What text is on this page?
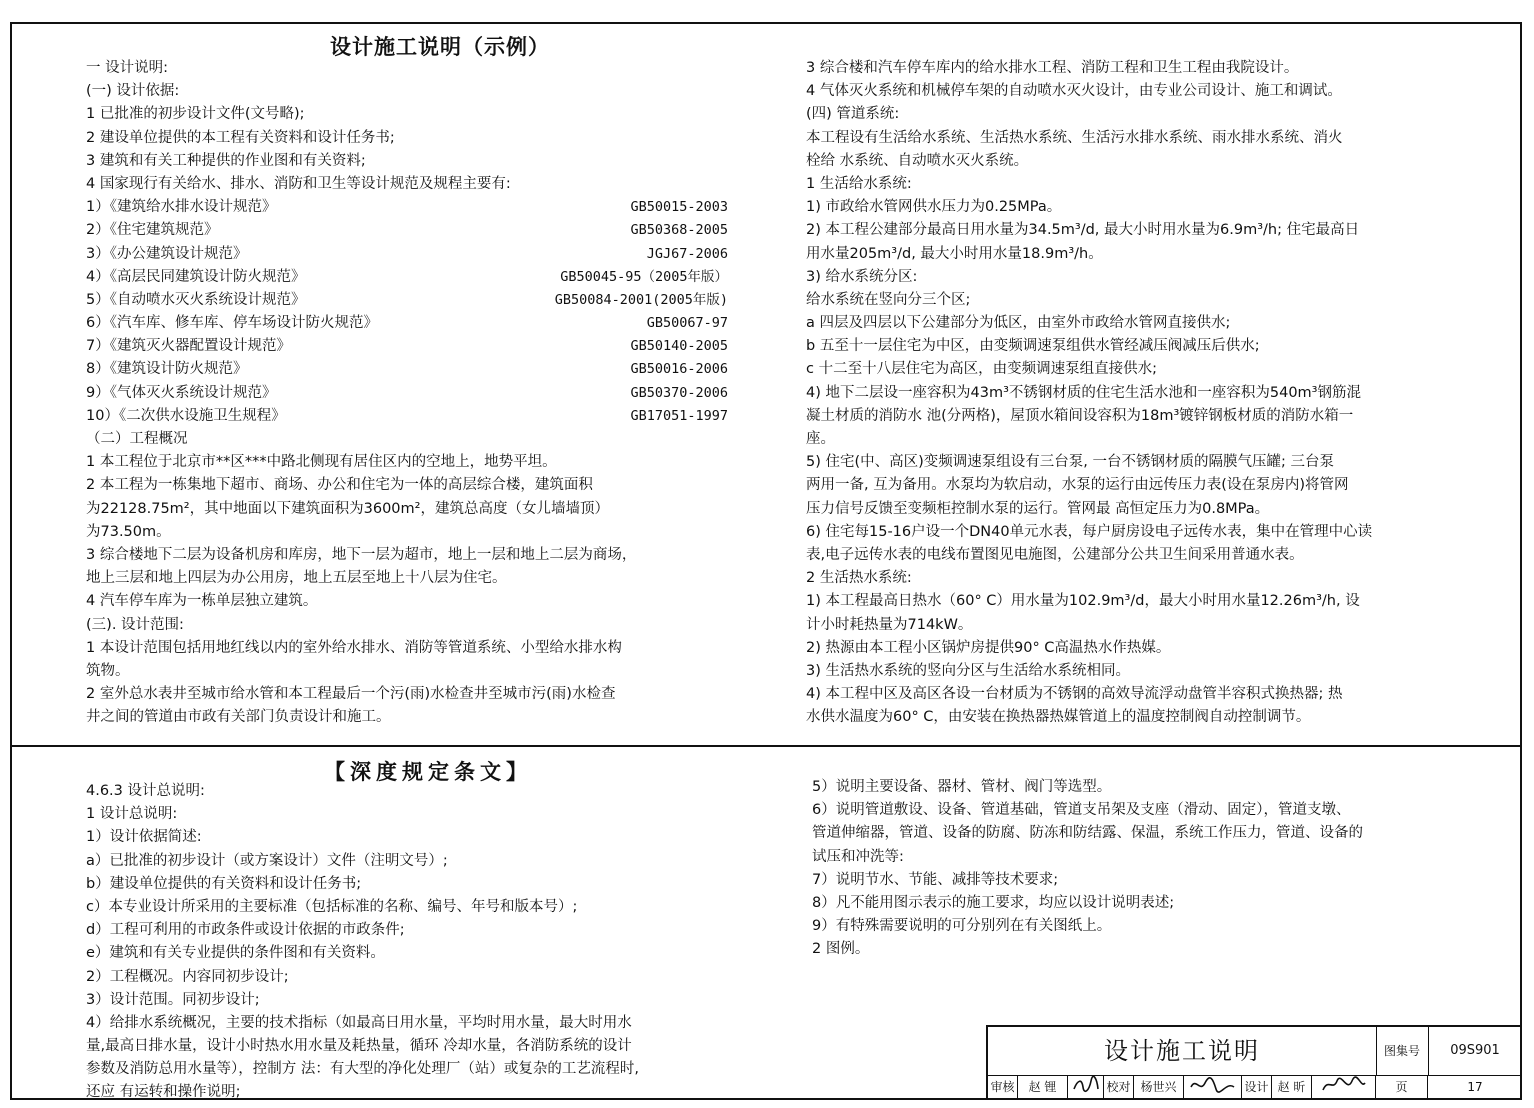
设计施工说明（示例）
一 设计说明:
(一) 设计依据:
1 已批准的初步设计文件(文号略);
2 建设单位提供的本工程有关资料和设计任务书;
3 建筑和有关工种提供的作业图和有关资料;
4 国家现行有关给水、排水、消防和卫生等设计规范及规程主要有:
1）《建筑给水排水设计规范》	GB50015-2003
2）《住宅建筑规范》	GB50368-2005
3）《办公建筑设计规范》	JGJ67-2006
4）《高层民同建筑设计防火规范》	GB50045-95（2005年版）
5）《自动喷水灭火系统设计规范》	GB50084-2001(2005年版)
6）《汽车库、修车库、停车场设计防火规范》	GB50067-97
7）《建筑灭火器配置设计规范》	GB50140-2005
8）《建筑设计防火规范》	GB50016-2006
9）《气体灭火系统设计规范》	GB50370-2006
10）《二次供水设施卫生规程》	GB17051-1997
（二）工程概况
1 本工程位于北京市**区***中路北侧现有居住区内的空地上，地势平坦。
2 本工程为一栋集地下超市、商场、办公和住宅为一体的高层综合楼，建筑面积
为22128.75m²，其中地面以下建筑面积为3600m²，建筑总高度（女儿墙墙顶）
为73.50m。
3 综合楼地下二层为设备机房和库房，地下一层为超市，地上一层和地上二层为商场，
地上三层和地上四层为办公用房，地上五层至地上十八层为住宅。
4 汽车停车库为一栋单层独立建筑。
(三). 设计范围:
1 本设计范围包括用地红线以内的室外给水排水、消防等管道系统、小型给水排水构
筑物。
2 室外总水表井至城市给水管和本工程最后一个污(雨)水检查井至城市污(雨)水检查
井之间的管道由市政有关部门负责设计和施工。
3 综合楼和汽车停车库内的给水排水工程、消防工程和卫生工程由我院设计。
4 气体灭火系统和机械停车架的自动喷水灭火设计，由专业公司设计、施工和调试。
(四) 管道系统:
本工程设有生活给水系统、生活热水系统、生活污水排水系统、雨水排水系统、消火
栓给 水系统、自动喷水灭火系统。
1 生活给水系统:
1) 市政给水管网供水压力为0.25MPa。
2) 本工程公建部分最高日用水量为34.5m³/d, 最大小时用水量为6.9m³/h; 住宅最高日
用水量205m³/d, 最大小时用水量18.9m³/h。
3) 给水系统分区:
给水系统在竖向分三个区;
a 四层及四层以下公建部分为低区，由室外市政给水管网直接供水;
b 五至十一层住宅为中区，由变频调速泵组供水管经减压阀减压后供水;
c 十二至十八层住宅为高区，由变频调速泵组直接供水;
4) 地下二层设一座容积为43m³不锈钢材质的住宅生活水池和一座容积为540m³钢筋混
凝土材质的消防水 池(分两格)，屋顶水箱间设容积为18m³镀锌钢板材质的消防水箱一
座。
5) 住宅(中、高区)变频调速泵组设有三台泵, 一台不锈钢材质的隔膜气压罐; 三台泵
两用一备, 互为备用。水泵均为软启动，水泵的运行由远传压力表(设在泵房内)将管网
压力信号反馈至变频柜控制水泵的运行。管网最 高恒定压力为0.8MPa。
6) 住宅每15-16户设一个DN40单元水表，每户厨房设电子远传水表，集中在管理中心读
表,电子远传水表的电线布置图见电施图，公建部分公共卫生间采用普通水表。
2 生活热水系统:
1) 本工程最高日热水（60° C）用水量为102.9m³/d，最大小时用水量12.26m³/h, 设
计小时耗热量为714kW。
2) 热源由本工程小区锅炉房提供90° C高温热水作热媒。
3) 生活热水系统的竖向分区与生活给水系统相同。
4) 本工程中区及高区各设一台材质为不锈钢的高效导流浮动盘管半容积式换热器; 热
水供水温度为60° C，由安装在换热器热媒管道上的温度控制阀自动控制调节。
【深度规定条文】
4.6.3 设计总说明:
1 设计总说明:
1）设计依据简述:
a）已批准的初步设计（或方案设计）文件（注明文号）;
b）建设单位提供的有关资料和设计任务书;
c）本专业设计所采用的主要标准（包括标准的名称、编号、年号和版本号）;
d）工程可利用的市政条件或设计依据的市政条件;
e）建筑和有关专业提供的条件图和有关资料。
2）工程概况。内容同初步设计;
3）设计范围。同初步设计;
4）给排水系统概况，主要的技术指标（如最高日用水量，平均时用水量，最大时用水
量,最高日排水量，设计小时热水用水量及耗热量，循环 冷却水量，各消防系统的设计
参数及消防总用水量等），控制方 法：有大型的净化处理厂（站）或复杂的工艺流程时,
还应 有运转和操作说明;
5）说明主要设备、器材、管材、阀门等选型。
6）说明管道敷设、设备、管道基础，管道支吊架及支座（滑动、固定），管道支墩、
管道伸缩器，管道、设备的防腐、防冻和防结露、保温，系统工作压力，管道、设备的
试压和冲洗等:
7）说明节水、节能、减排等技术要求;
8）凡不能用图示表示的施工要求，均应以设计说明表述;
9）有特殊需要说明的可分别列在有关图纸上。
2 图例。
设计施工说明	图集号	09S901
审核	赵 锂	校对 杨世兴	设计 赵 昕	页	17
